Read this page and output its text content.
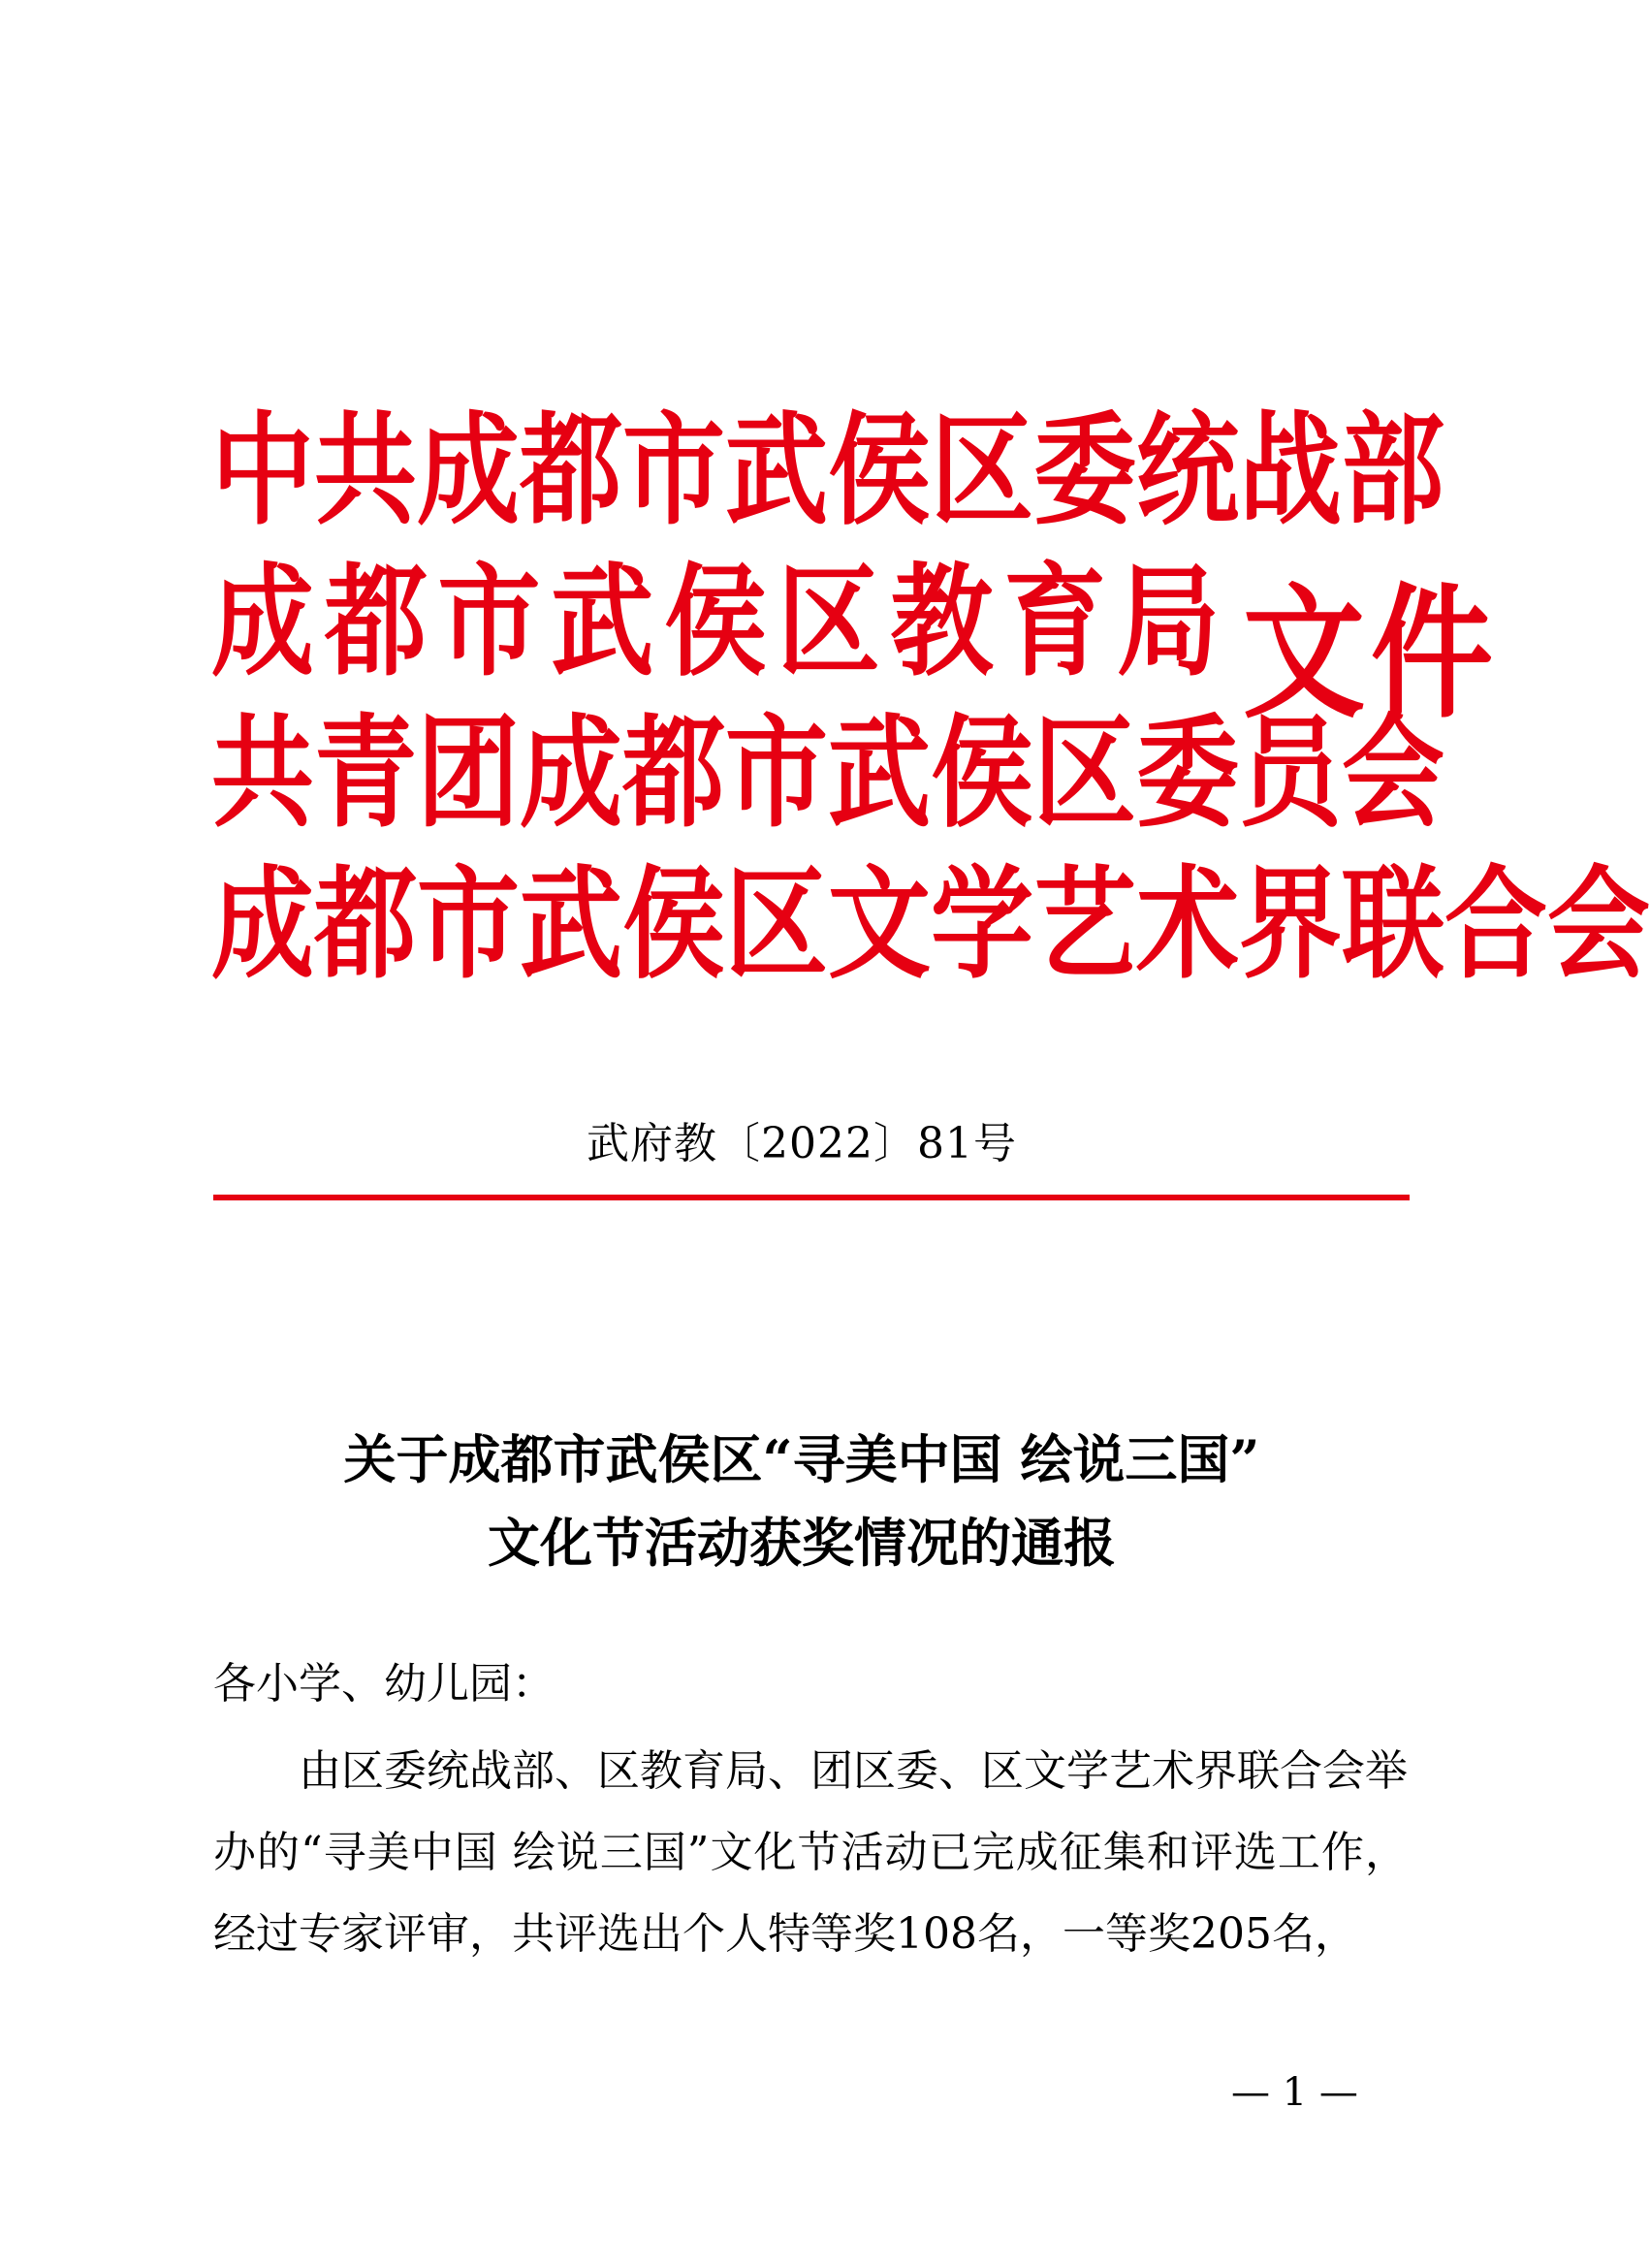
中共成都市武侯区委统战部
成都市武侯区教育局
共青团成都市武侯区委员会
成都市武侯区文学艺术界联合会
文件
武府教〔2022〕81号
关于成都市武侯区“寻美中国 绘说三国”
文化节活动获奖情况的通报
各小学、幼儿园：

由区委统战部、区教育局、团区委、区文学艺术界联合会举办的“寻美中国 绘说三国”文化节活动已完成征集和评选工作，经过专家评审，共评选出个人特等奖108名，一等奖205名，

— 1 —
